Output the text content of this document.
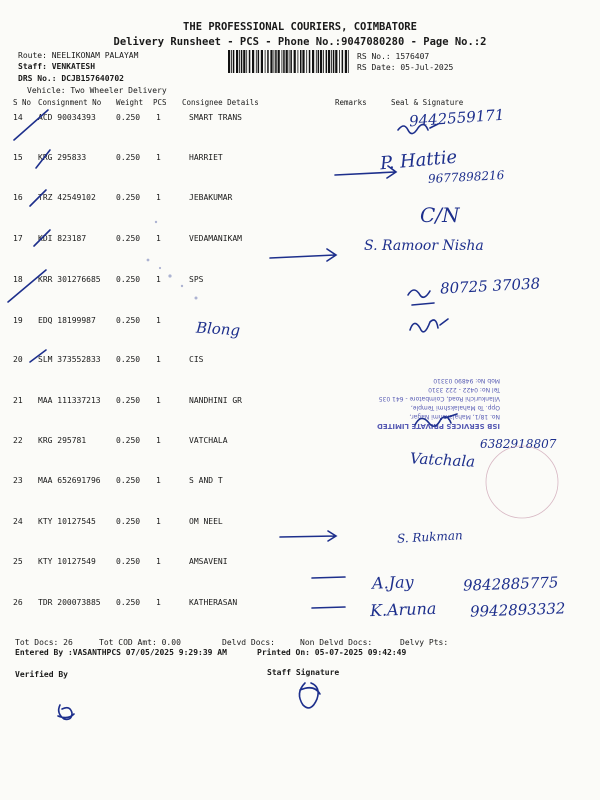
THE PROFESSIONAL COURIERS, COIMBATORE
Delivery Runsheet - PCS - Phone No.:9047080280 - Page No.:2
Route: NEELIKONAM PALAYAM
Staff: VENKATESH
DRS No.: DCJB157640702
Vehicle: Two Wheeler Delivery
RS No.: 1576407
RS Date: 05-Jul-2025
S No Consignment No Weight PCS Consignee Details	Remarks	Seal & Signature
14 ACD 90034393	0.250 1	SMART TRANS
15 KRG 295833	0.250 1	HARRIET
16 TRZ 42549102	0.250 1	JEBAKUMAR
17 KDI 823187	0.250 1	VEDAMANIKAM
18 KRR 301276685 0.250 1	SPS
19 EDQ 18199987	0.250 1
20 SLM 373552833 0.250 1	CIS
21 MAA 111337213 0.250 1	NANDHINI GR
22 KRG 295781	0.250 1	VATCHALA
23 MAA 652691796 0.250 1	S AND T
24 KTY 10127545	0.250 1	OM NEEL
25 KTY 10127549	0.250 1	AMSAVENI
26 TDR 200073885 0.250 1	KATHERASAN
Tot Docs: 26	Tot COD Amt: 0.00	Delvd Docs:	Non Delvd Docs:	Delvy Pts:
Entered By :VASANTHPCS 07/05/2025 9:29:39 AM	Printed On: 05-07-2025 09:42:49
Verified By	Staff Signature
9442559171
P. Hattie
9677898216
C/N
S. Ramoor Nisha
80725 37038
Blong
Vatchala
6382918807
S. Rukman
A.Jay	9842885775
K.Aruna 9942893332
ISB SERVICES PRIVATE LIMITED
No. 18/1, Mahalakshmi Nagar,
Opp. To Mahalakshmi Temple,
Vilankurichi Road, Coimbatore - 641 035
Tel No: 0422 - 222 3310
Mob No: 94890 03310
